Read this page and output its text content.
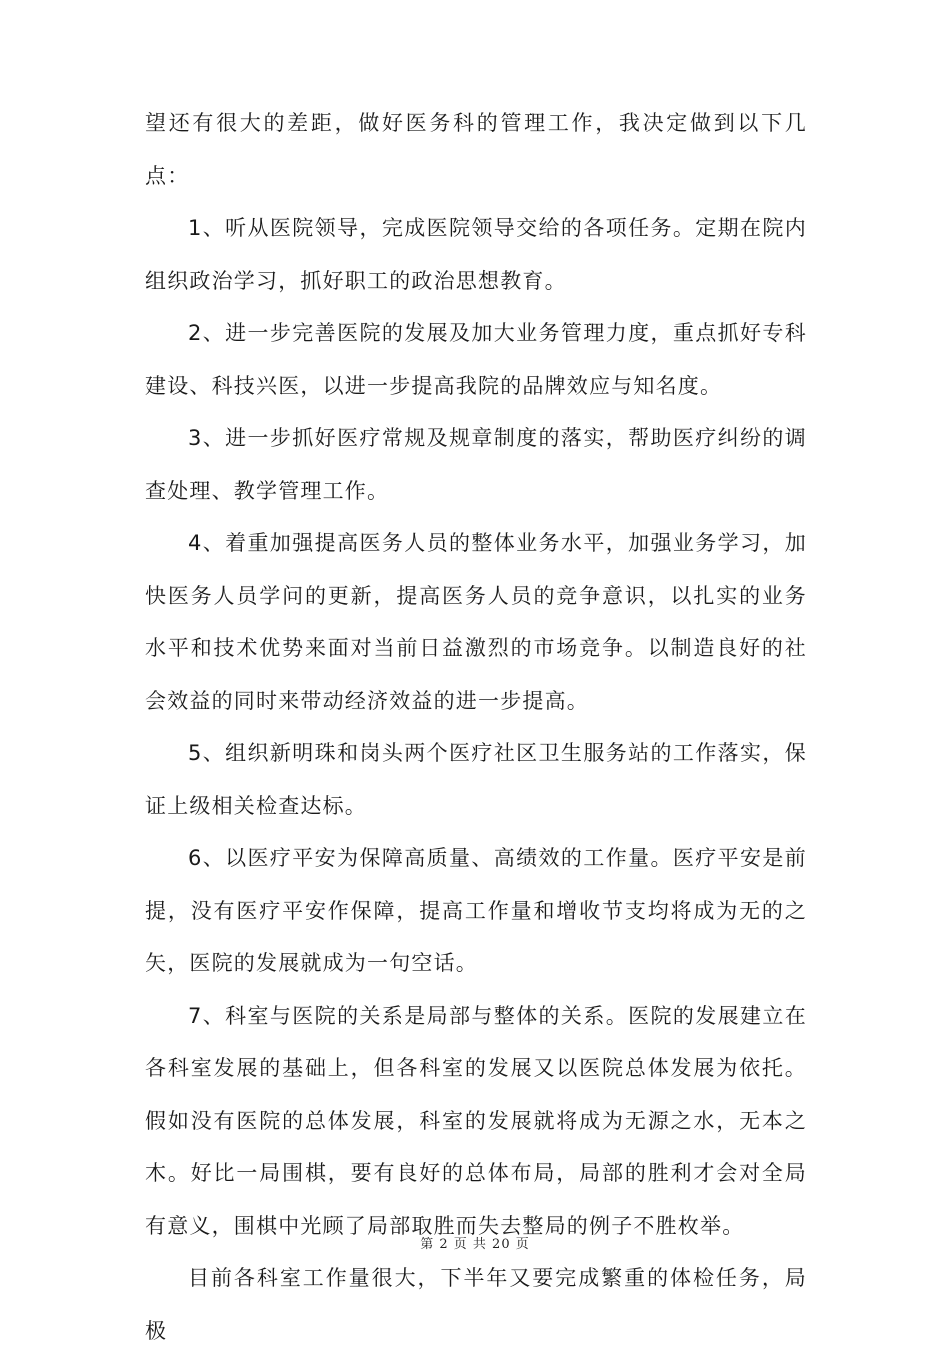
望还有很大的差距，做好医务科的管理工作，我决定做到以下几点：

1、听从医院领导，完成医院领导交给的各项任务。定期在院内组织政治学习，抓好职工的政治思想教育。

2、进一步完善医院的发展及加大业务管理力度，重点抓好专科建设、科技兴医，以进一步提高我院的品牌效应与知名度。

3、进一步抓好医疗常规及规章制度的落实，帮助医疗纠纷的调查处理、教学管理工作。

4、着重加强提高医务人员的整体业务水平，加强业务学习，加快医务人员学问的更新，提高医务人员的竞争意识，以扎实的业务水平和技术优势来面对当前日益激烈的市场竞争。以制造良好的社会效益的同时来带动经济效益的进一步提高。

5、组织新明珠和岗头两个医疗社区卫生服务站的工作落实，保证上级相关检查达标。

6、以医疗平安为保障高质量、高绩效的工作量。医疗平安是前提，没有医疗平安作保障，提高工作量和增收节支均将成为无的之矢，医院的发展就成为一句空话。

7、科室与医院的关系是局部与整体的关系。医院的发展建立在各科室发展的基础上，但各科室的发展又以医院总体发展为依托。假如没有医院的总体发展，科室的发展就将成为无源之水，无本之木。好比一局围棋，要有良好的总体布局，局部的胜利才会对全局有意义，围棋中光顾了局部取胜而失去整局的例子不胜枚举。

目前各科室工作量很大，下半年又要完成繁重的体检任务，局极

第 2 页 共 20 页
